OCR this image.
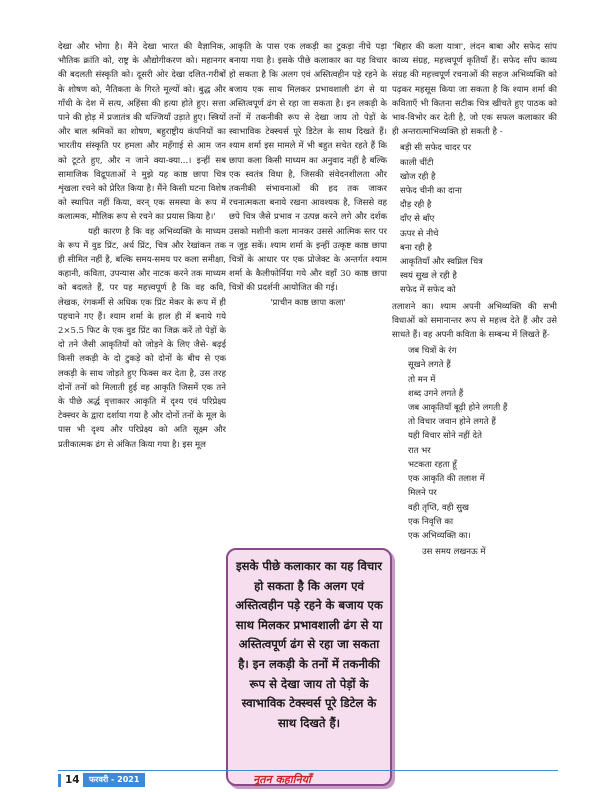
देखा और भोगा है। मैंने देखा भारत की वैज्ञानिक, भौतिक क्रांति को, राष्ट्र के औद्योगीकरण को। महानगर की बदलती संस्कृति को। दूसरी ओर देखा दलित-गरीबों के शोषण को, नैतिकता के गिरते मूल्यों को। बुद्ध और गाँधी के देश में सत्य, अहिंसा की हत्या होते हुए। सत्ता पाने की होड़ में प्रजातंत्र की धज्जियाँ उड़ाते हुए। स्त्रियों और बाल श्रमिकों का शोषण, बहुराष्ट्रीय कंपनियों का भारतीय संस्कृति पर हमला और महँगाई से आम जन को टूटते हुए, और न जाने क्या-क्या...। इन्हीं सब सामाजिक विद्रूपताओं ने मुझे यह काष्ठ छापा चित्र शृंखला रचने को प्रेरित किया है। मैंने किसी घटना विशेष को स्थापित नहीं किया, वरन् एक समस्या के रूप में कलात्मक, मौलिक रूप से रचने का प्रयास किया है।'

यही कारण है कि वह अभिव्यक्ति के माध्यम के रूप में वुड प्रिंट, अर्ध प्रिंट, चित्र और रेखांकन तक ही सीमित नहीं है, बल्कि समय-समय पर कला समीक्षा, कहानी, कविता, उपन्यास और नाटक करने तक माध्यम को बदलते हैं, पर यह महत्त्वपूर्ण है कि वह कवि, लेखक, रंगकर्मी से अधिक एक प्रिंट मेकर के रूप में ही पहचाने गए हैं। श्याम शर्मा के हाल ही में बनाये गये 2×5.5 फिट के एक वुड प्रिंट का जिक्र करें तो पेड़ों के दो तने जैसी आकृतियों को जोड़ने के लिए जैसे- बढ़ई किसी लकड़ी के दो टुकड़े को दोनों के बीच से एक लकड़ी के साथ जोड़ते हुए फिक्स कर देता है, उस तरह दोनों तनों को मिलाती हुई वह आकृति जिसमें एक तने के पीछे अर्द्ध वृत्ताकार आकृति में दृश्य एवं परिप्रेक्ष्य टेक्स्चर के द्वारा दर्शाया गया है और दोनों तनों के मूल के पास भी दृश्य और परिप्रेक्ष्य को अति सूक्ष्म और प्रतीकात्मक ढंग से अंकित किया गया है। इस मूल

आकृति के पास एक लकड़ी का टुकड़ा नीचे पड़ा बनाया गया है। इसके पीछे कलाकार का यह विचार हो सकता है कि अलग एवं अस्तित्वहीन पड़े रहने के बजाय एक साथ मिलकर प्रभावशाली ढंग से या अस्तित्वपूर्ण ढंग से रहा जा सकता है। इन लकड़ी के तनों में तकनीकी रूप से देखा जाय तो पेड़ों के स्वाभाविक टेक्स्चर्स पूरे डिटेल के साथ दिखते हैं। श्याम शर्मा इस मामले में भी बहुत सचेत रहते हैं कि छापा कला किसी माध्यम का अनुवाद नहीं है बल्कि एक स्वतंत्र विधा है, जिसकी संवेदनशीलता और तकनीकी संभावनाओं की हद तक जाकर रचनात्मकता बनाये रखना आवश्यक है, जिससे वह छपे चित्र जैसे प्रभाव न उत्पन्न करने लगे और दर्शक उसको मशीनी कला मानकर उससे आत्मिक स्तर पर न जुड़ सकें। श्याम शर्मा के इन्हीं उत्कृष्ट काष्ठ छापा चित्रों के आधार पर एक प्रोजेक्ट के अन्तर्गत श्याम शर्मा के कैलीफोर्निया गये और वहाँ 30 काष्ठ छापा चित्रों की प्रदर्शनी आयोजित की गई।

'प्राचीन काष्ठ छापा कला'

'बिहार की कला यात्रा', लंदन बाबा और सफेद सांप काव्य संग्रह, महत्त्वपूर्ण कृतियाँ हैं। सफेद साँप काव्य संग्रह की महत्त्वपूर्ण रचनाओं की सहज अभिव्यक्ति को पढ़कर महसूस किया जा सकता है कि श्याम शर्मा की कविताएँ भी कितना सटीक चित्र खींचते हुए पाठक को भाव-विभोर कर देती है, जो एक सफल कलाकार की ही अन्तरात्माभिव्यक्ति हो सकती है -

बड़ी सी सफेद चादर पर
काली चींटी
खोज रही है
सफेद चीनी का दाना
दौड़ रही है
दाँए से बाँए
ऊपर से नीचे
बना रही है
आकृतियाँ और स्वप्निल चित्र
स्वयं सुख ले रही है
सफेद में सफेद को

तलाशने का। श्याम अपनी अभिव्यक्ति की सभी विधाओं को समानान्तर रूप से महत्त्व देते हैं और उसे साधते हैं। वह अपनी कविता के सम्बन्ध में लिखते हैं-

जब चित्रों के रंग
सूखने लगते हैं
तो मन में
शब्द उगने लगते हैं
जब आकृतियाँ बूढ़ी होने लगती हैं
तो विचार जवान होने लगते हैं
यही विचार सोने नहीं देते
रात भर
भटकता रहता हूँ
एक आकृति की तलाश में
मिलने पर
वही तृप्ति, वही सुख
एक निवृत्ति का
एक अभिव्यक्ति का।

उस समय लखनऊ में

इसके पीछे कलाकार का यह विचार हो सकता है कि अलग एवं अस्तित्वहीन पड़े रहने के बजाय एक साथ मिलकर प्रभावशाली ढंग से या अस्तित्वपूर्ण ढंग से रहा जा सकता है। इन लकड़ी के तनों में तकनीकी रूप से देखा जाय तो पेड़ों के स्वाभाविक टेक्स्चर्स पूरे डिटेल के साथ दिखते हैं।
14	फरवरी - 2021	नूतन कहानियाँ
